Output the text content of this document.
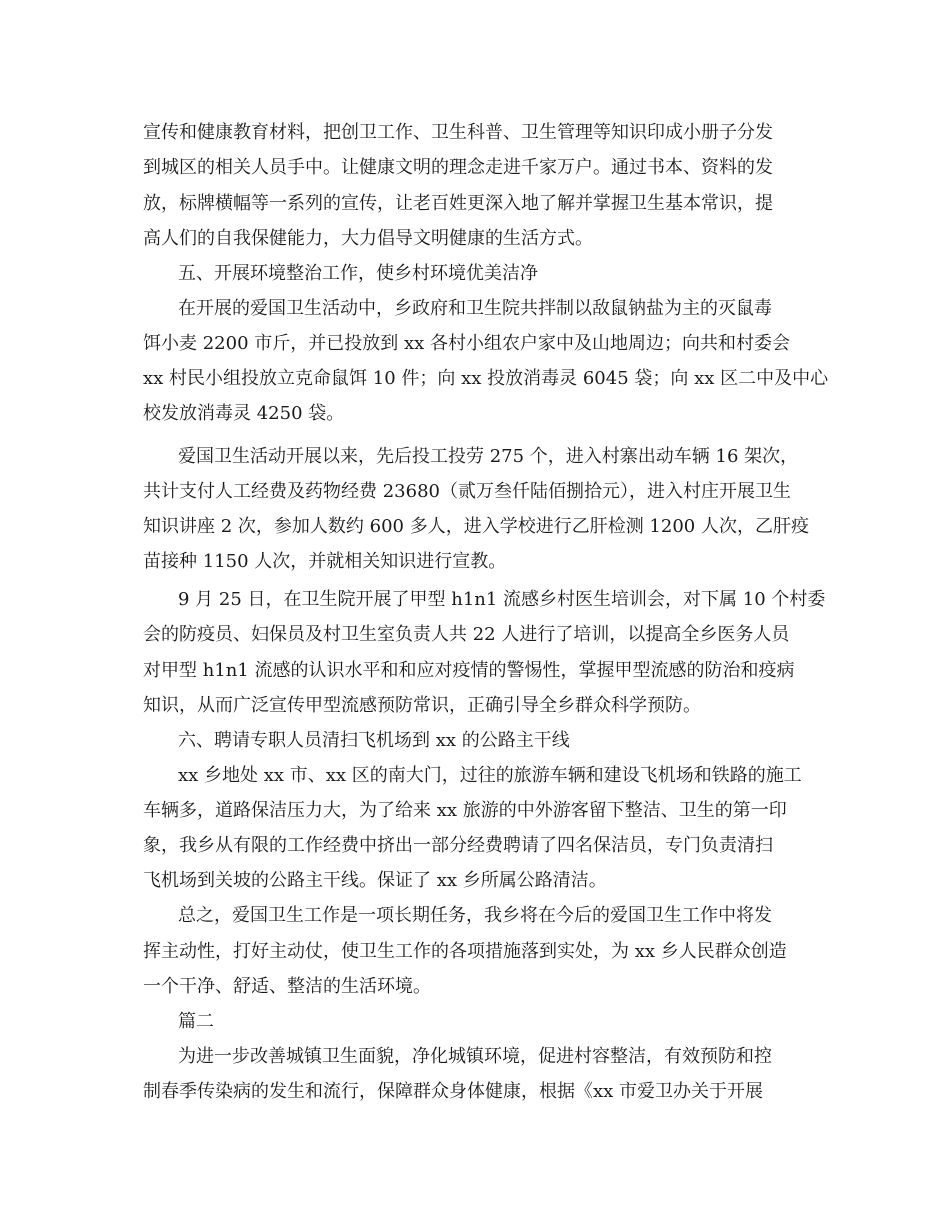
宣传和健康教育材料，把创卫工作、卫生科普、卫生管理等知识印成小册子分发
到城区的相关人员手中。让健康文明的理念走进千家万户。通过书本、资料的发
放，标牌横幅等一系列的宣传，让老百姓更深入地了解并掌握卫生基本常识，提
高人们的自我保健能力，大力倡导文明健康的生活方式。
五、开展环境整治工作，使乡村环境优美洁净
在开展的爱国卫生活动中，乡政府和卫生院共拌制以敌鼠钠盐为主的灭鼠毒
饵小麦 2200 市斤，并已投放到 xx 各村小组农户家中及山地周边；向共和村委会
xx 村民小组投放立克命鼠饵 10 件；向 xx 投放消毒灵 6045 袋；向 xx 区二中及中心
校发放消毒灵 4250 袋。
爱国卫生活动开展以来，先后投工投劳 275 个，进入村寨出动车辆 16 架次，
共计支付人工经费及药物经费 23680（贰万叁仟陆佰捌拾元），进入村庄开展卫生
知识讲座 2 次，参加人数约 600 多人，进入学校进行乙肝检测 1200 人次，乙肝疫
苗接种 1150 人次，并就相关知识进行宣教。
9 月 25 日，在卫生院开展了甲型 h1n1 流感乡村医生培训会，对下属 10 个村委
会的防疫员、妇保员及村卫生室负责人共 22 人进行了培训，以提高全乡医务人员
对甲型 h1n1 流感的认识水平和和应对疫情的警惕性，掌握甲型流感的防治和疫病
知识，从而广泛宣传甲型流感预防常识，正确引导全乡群众科学预防。
六、聘请专职人员清扫飞机场到 xx 的公路主干线
xx 乡地处 xx 市、xx 区的南大门，过往的旅游车辆和建设飞机场和铁路的施工
车辆多，道路保洁压力大，为了给来 xx 旅游的中外游客留下整洁、卫生的第一印
象，我乡从有限的工作经费中挤出一部分经费聘请了四名保洁员，专门负责清扫
飞机场到关坡的公路主干线。保证了 xx 乡所属公路清洁。
总之，爱国卫生工作是一项长期任务，我乡将在今后的爱国卫生工作中将发
挥主动性，打好主动仗，使卫生工作的各项措施落到实处，为 xx 乡人民群众创造
一个干净、舒适、整洁的生活环境。
篇二
为进一步改善城镇卫生面貌，净化城镇环境，促进村容整洁，有效预防和控
制春季传染病的发生和流行，保障群众身体健康，根据《xx 市爱卫办关于开展
